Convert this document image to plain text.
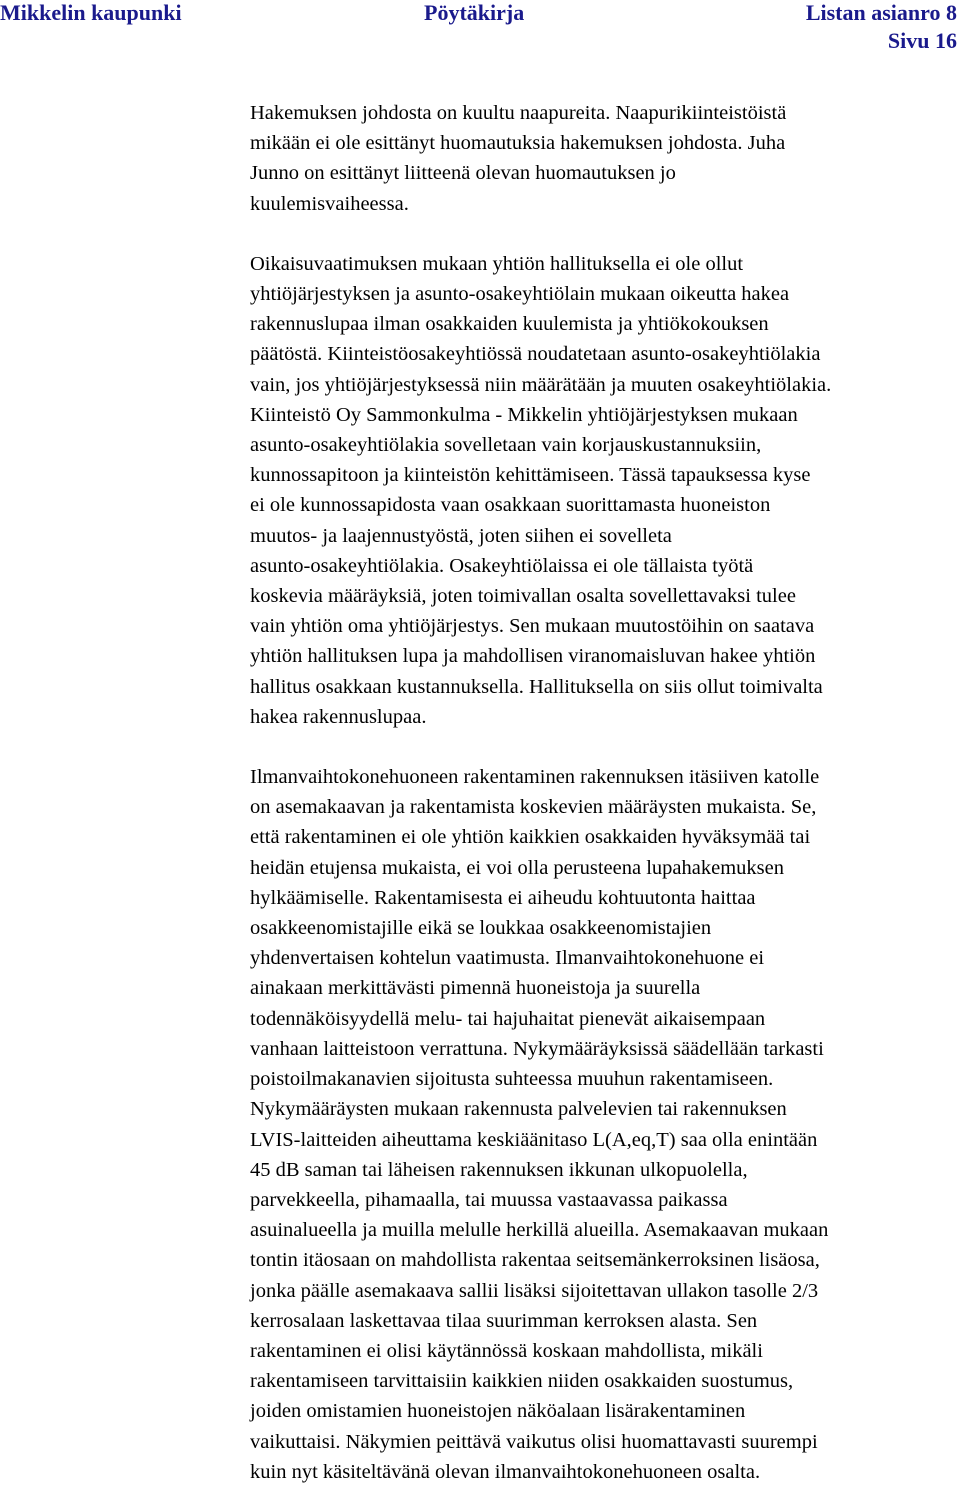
Mikkelin kaupunki	Pöytäkirja	Listan asianro 8
Sivu 16

Hakemuksen johdosta on kuultu naapureita. Naapurikiinteistöistä
mikään ei ole esittänyt huomautuksia hakemuksen johdosta. Juha
Junno on esittänyt liitteenä olevan huomautuksen jo
kuulemisvaiheessa.

Oikaisuvaatimuksen mukaan yhtiön hallituksella ei ole ollut
yhtiöjärjestyksen ja asunto-osakeyhtiölain mukaan oikeutta hakea
rakennuslupaa ilman osakkaiden kuulemista ja yhtiökokouksen
päätöstä. Kiinteistöosakeyhtiössä noudatetaan asunto-osakeyhtiölakia
vain, jos yhtiöjärjestyksessä niin määrätään ja muuten osakeyhtiölakia.
Kiinteistö Oy Sammonkulma - Mikkelin yhtiöjärjestyksen mukaan
asunto-osakeyhtiölakia sovelletaan vain korjauskustannuksiin,
kunnossapitoon ja kiinteistön kehittämiseen. Tässä tapauksessa kyse
ei ole kunnossapidosta vaan osakkaan suorittamasta huoneiston
muutos- ja laajennustyöstä, joten siihen ei sovelleta
asunto-osakeyhtiölakia. Osakeyhtiölaissa ei ole tällaista työtä
koskevia määräyksiä, joten toimivallan osalta sovellettavaksi tulee
vain yhtiön oma yhtiöjärjestys. Sen mukaan muutostöihin on saatava
yhtiön hallituksen lupa ja mahdollisen viranomaisluvan hakee yhtiön
hallitus osakkaan kustannuksella. Hallituksella on siis ollut toimivalta
hakea rakennuslupaa.

Ilmanvaihtokonehuoneen rakentaminen rakennuksen itäsiiven katolle
on asemakaavan ja rakentamista koskevien määräysten mukaista. Se,
että rakentaminen ei ole yhtiön kaikkien osakkaiden hyväksymää tai
heidän etujensa mukaista, ei voi olla perusteena lupahakemuksen
hylkäämiselle. Rakentamisesta ei aiheudu kohtuutonta haittaa
osakkeenomistajille eikä se loukkaa osakkeenomistajien
yhdenvertaisen kohtelun vaatimusta. Ilmanvaihtokonehuone ei
ainakaan merkittävästi pimennä huoneistoja ja suurella
todennäköisyydellä melu- tai hajuhaitat pienevät aikaisempaan
vanhaan laitteistoon verrattuna. Nykymääräyksissä säädellään tarkasti
poistoilmakanavien sijoitusta suhteessa muuhun rakentamiseen.
Nykymääräysten mukaan rakennusta palvelevien tai rakennuksen
LVIS-laitteiden aiheuttama keskiäänitaso L(A,eq,T) saa olla enintään
45 dB saman tai läheisen rakennuksen ikkunan ulkopuolella,
parvekkeella, pihamaalla, tai muussa vastaavassa paikassa
asuinalueella ja muilla melulle herkillä alueilla. Asemakaavan mukaan
tontin itäosaan on mahdollista rakentaa seitsemänkerroksinen lisäosa,
jonka päälle asemakaava sallii lisäksi sijoitettavan ullakon tasolle 2/3
kerrosalaan laskettavaa tilaa suurimman kerroksen alasta. Sen
rakentaminen ei olisi käytännössä koskaan mahdollista, mikäli
rakentamiseen tarvittaisiin kaikkien niiden osakkaiden suostumus,
joiden omistamien huoneistojen näköalaan lisärakentaminen
vaikuttaisi. Näkymien peittävä vaikutus olisi huomattavasti suurempi
kuin nyt käsiteltävänä olevan ilmanvaihtokonehuoneen osalta.
